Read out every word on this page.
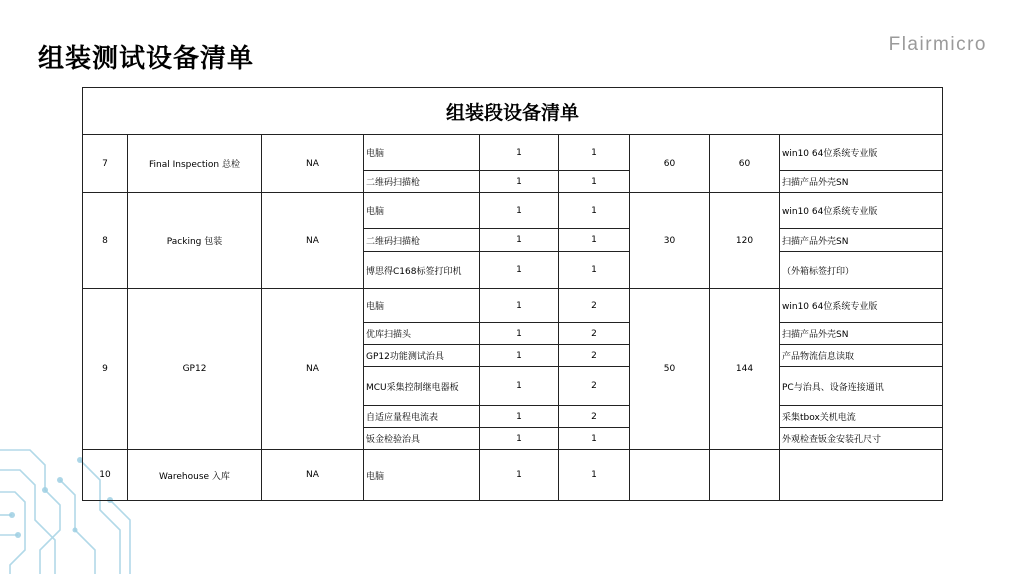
组装测试设备清单	Flairmicro
组装段设备清单								
7	Final Inspection 总检	NA	电脑	1	1	60	60	win10 64位系统专业版
			二维码扫描枪	1	1			扫描产品外壳SN
8	Packing 包装	NA	电脑	1	1	30	120	win10 64位系统专业版
			二维码扫描枪	1	1			扫描产品外壳SN
			博思得C168标签打印机	1	1			（外箱标签打印）
9	GP12	NA	电脑	1	2	50	144	win10 64位系统专业版
			优库扫描头	1	2			扫描产品外壳SN
			GP12功能测试治具	1	2			产品物流信息读取
			MCU采集控制继电器板	1	2			PC与治具、设备连接通讯
			自适应量程电流表	1	2			采集tbox关机电流
			钣金检验治具	1	1			外观检查钣金安装孔尺寸
10	Warehouse 入库	NA	电脑	1	1			
